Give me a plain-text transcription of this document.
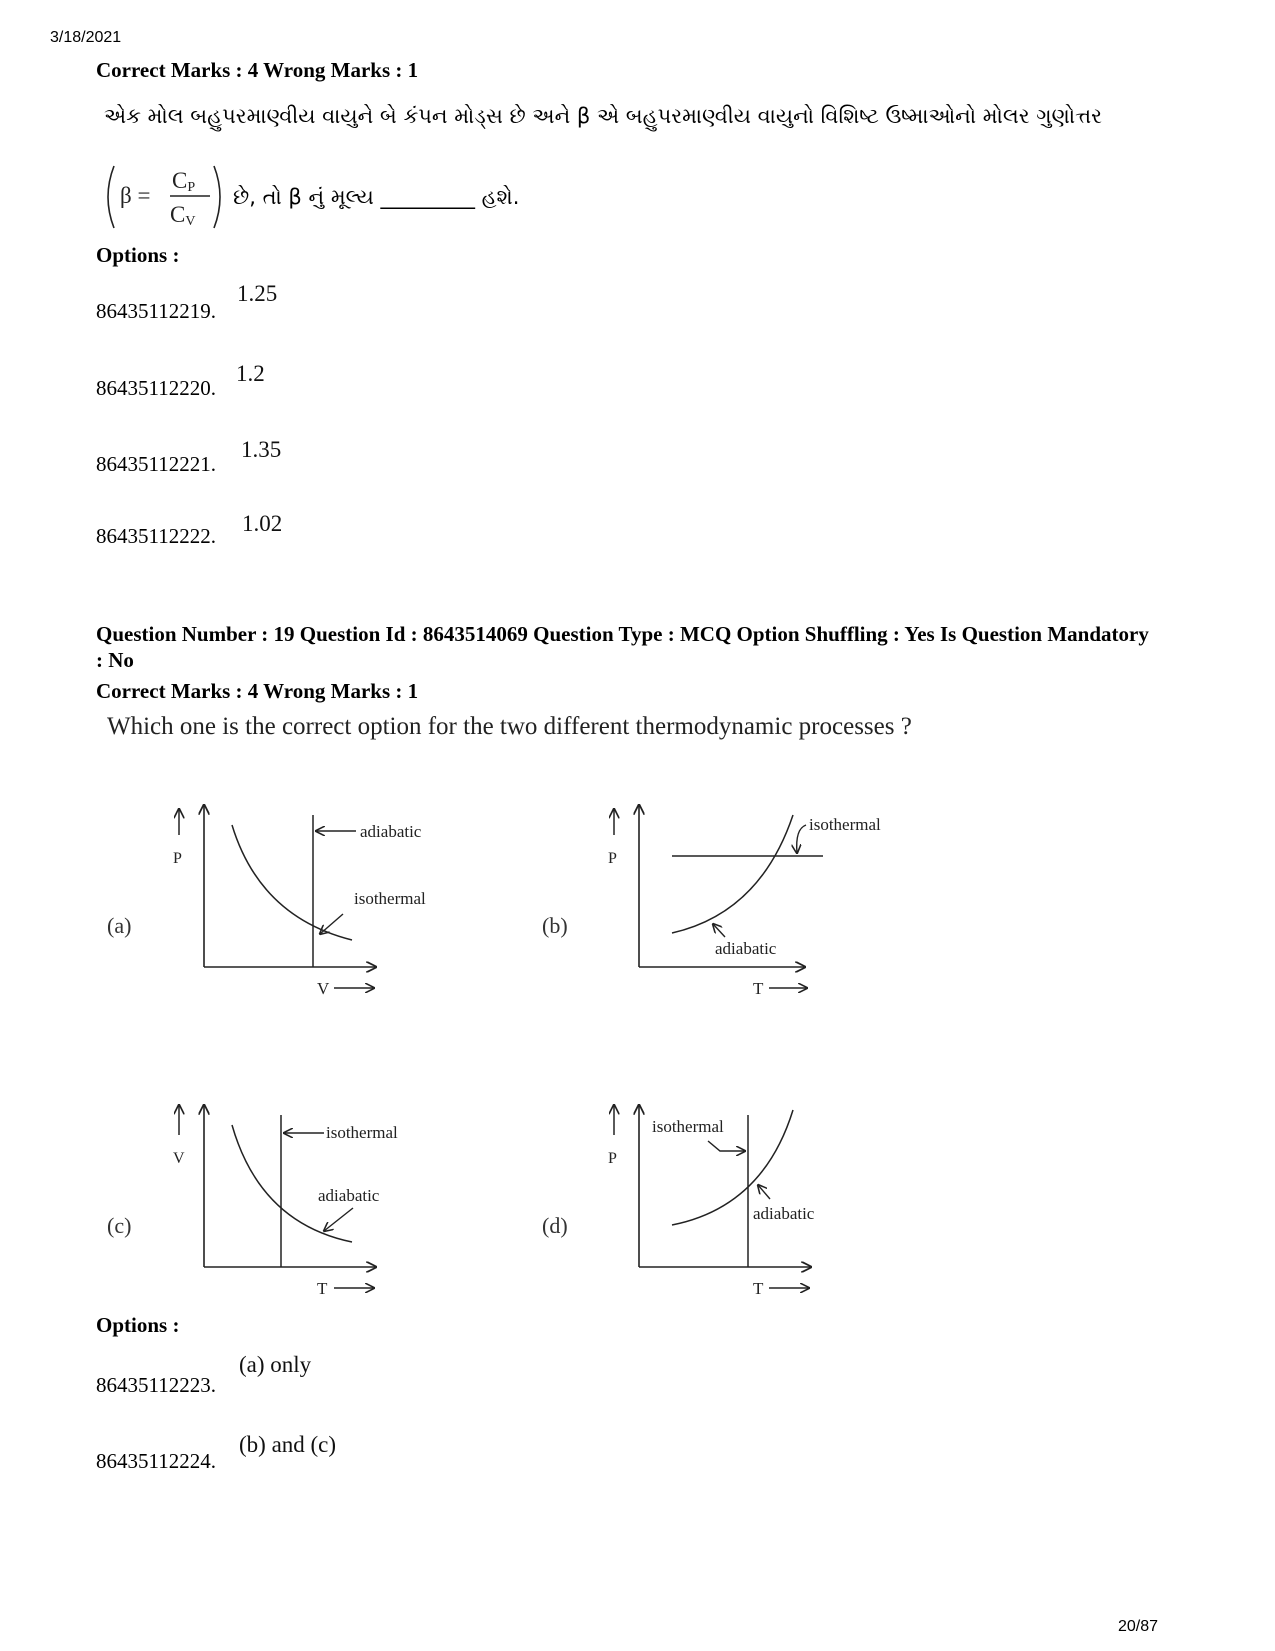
3/18/2021
20/87
Correct Marks : 4 Wrong Marks : 1
એક મોલ બહુપરમાણ્વીય વાયુને બે કંપન મોડ્સ છે અને β એ બહુપરમાણ્વીય વાયુનો વિશિષ્ટ ઉષ્માઓનો મોલર ગુણોત્તર
β =
CP
CV
છે, તો β નું મૂલ્ય _________ હશે.
Options :
86435112219.
1.25
86435112220.
1.2
86435112221.
1.35
86435112222. 1.02
Question Number : 19 Question Id : 8643514069 Question Type : MCQ Option Shuffling : Yes Is Question Mandatory : No
Correct Marks : 4 Wrong Marks : 1
Which one is the correct option for the two different thermodynamic processes ?
(a)
P
V
adiabatic
isothermal
(b)
P
T
isothermal
adiabatic
(c)
V
T
isothermal
adiabatic
(d)
P
T
isothermal
adiabatic
Options :
86435112223.
(a) only
86435112224.
(b) and (c)
